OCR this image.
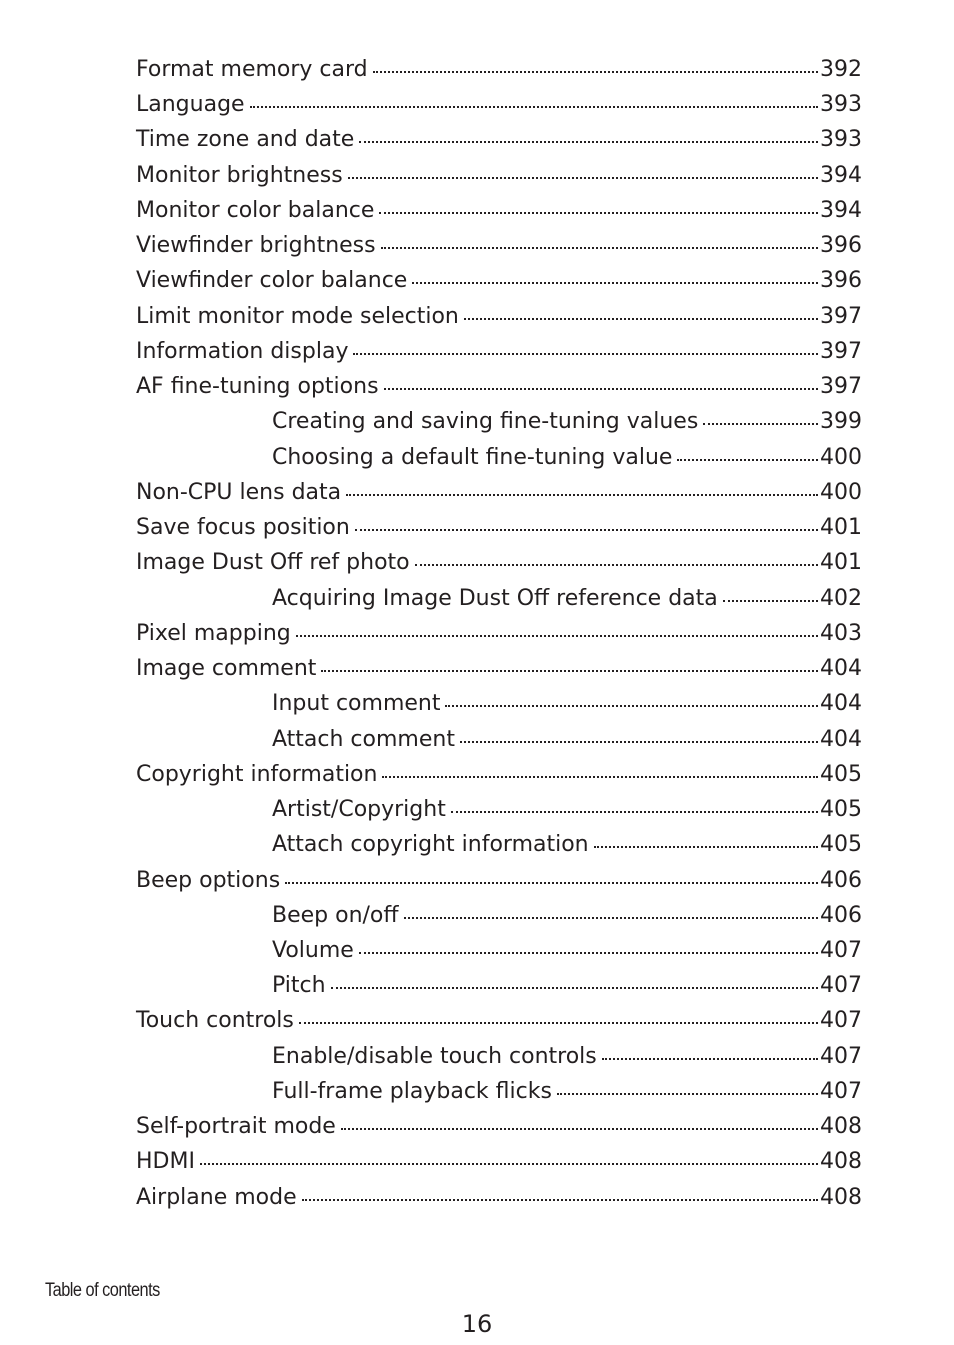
Format memory card	392
Language	393
Time zone and date	393
Monitor brightness	394
Monitor color balance	394
Viewfinder brightness	396
Viewfinder color balance	396
Limit monitor mode selection	397
Information display	397
AF fine-tuning options	397
Creating and saving fine-tuning values	399
Choosing a default fine-tuning value	400
Non-CPU lens data	400
Save focus position	401
Image Dust Off ref photo	401
Acquiring Image Dust Off reference data	402
Pixel mapping	403
Image comment	404
Input comment	404
Attach comment	404
Copyright information	405
Artist/Copyright	405
Attach copyright information	405
Beep options	406
Beep on/off	406
Volume	407
Pitch	407
Touch controls	407
Enable/disable touch controls	407
Full-frame playback flicks	407
Self-portrait mode	408
HDMI	408
Airplane mode	408
Table of contents
16
